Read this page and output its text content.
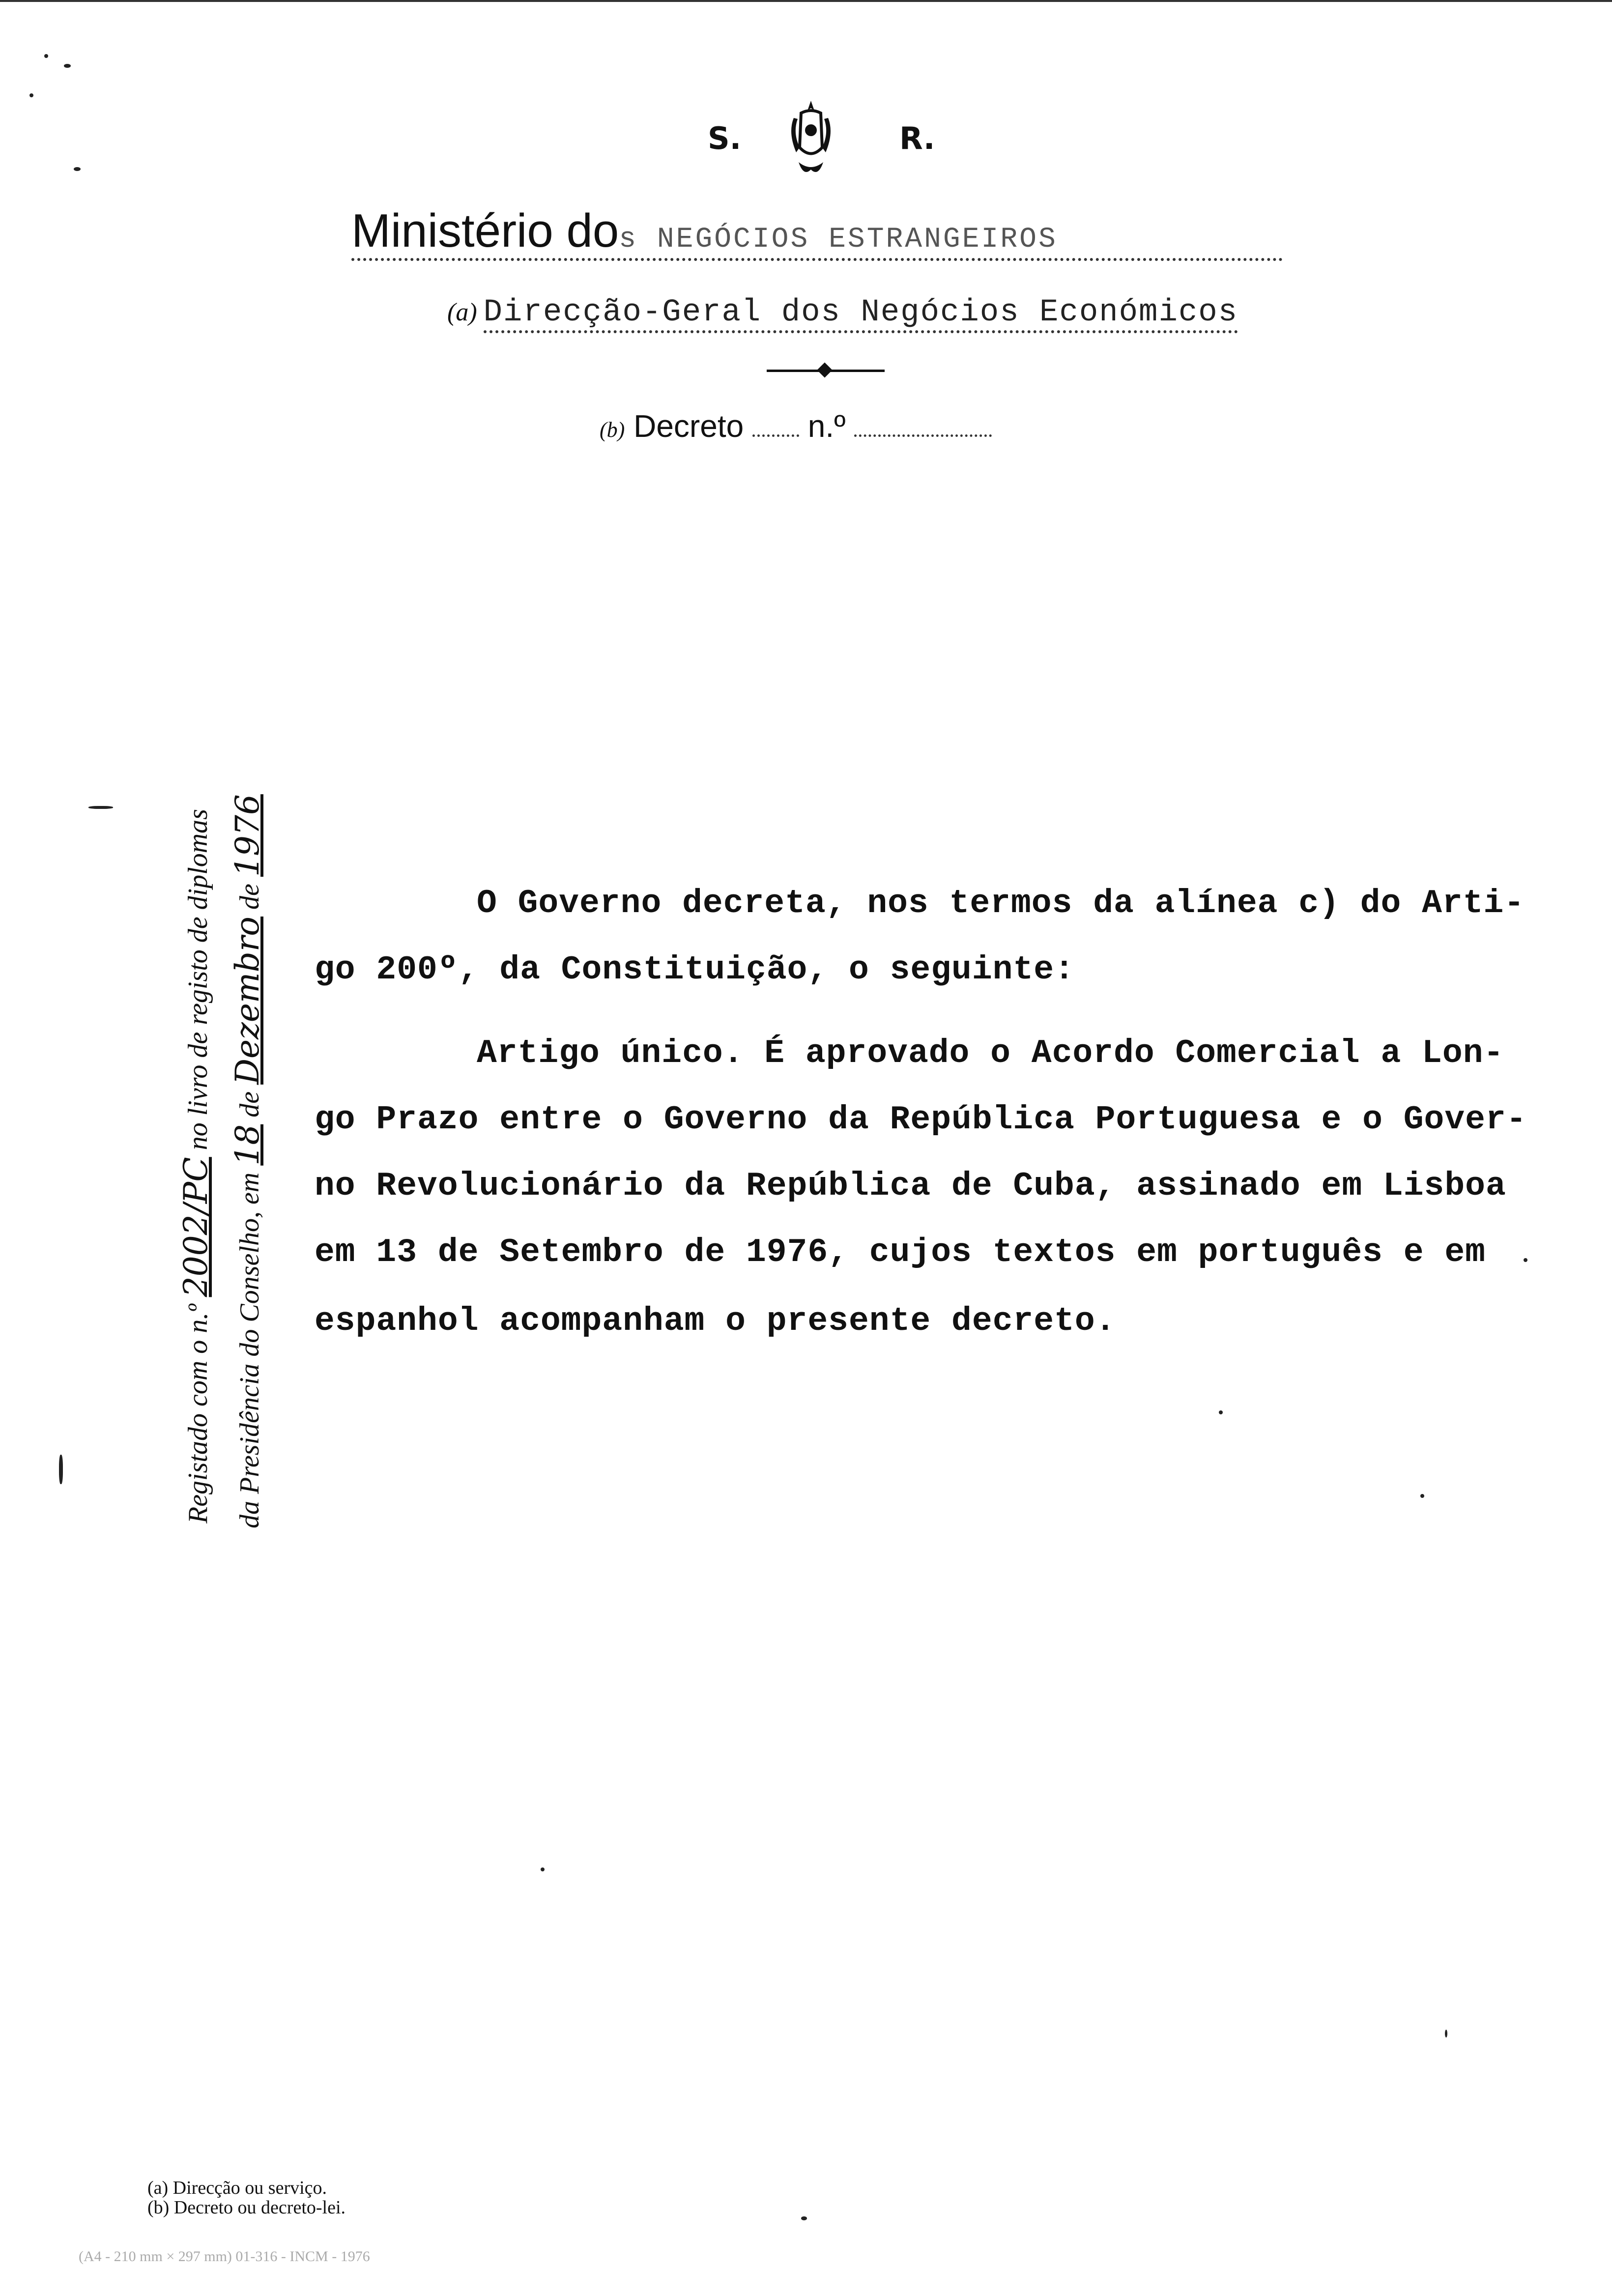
S.	R.
Ministério dos NEGÓCIOS ESTRANGEIROS
(a) Direcção-Geral dos Negócios Económicos
(b) Decreto n.º
Registado com o n.º 2002/PC no livro de registo de diplomas
da Presidência do Conselho, em 18 de Dezembro de 1976
O Governo decreta, nos termos da alínea c) do Arti-
go 200º, da Constituição, o seguinte:
Artigo único. É aprovado o Acordo Comercial a Lon-
go Prazo entre o Governo da República Portuguesa e o Gover-
no Revolucionário da República de Cuba, assinado em Lisboa
em 13 de Setembro de 1976, cujos textos em português e em
espanhol acompanham o presente decreto.
(a) Direcção ou serviço.
(b) Decreto ou decreto-lei.
(A4 - 210 mm × 297 mm) 01-316 - INCM - 1976
